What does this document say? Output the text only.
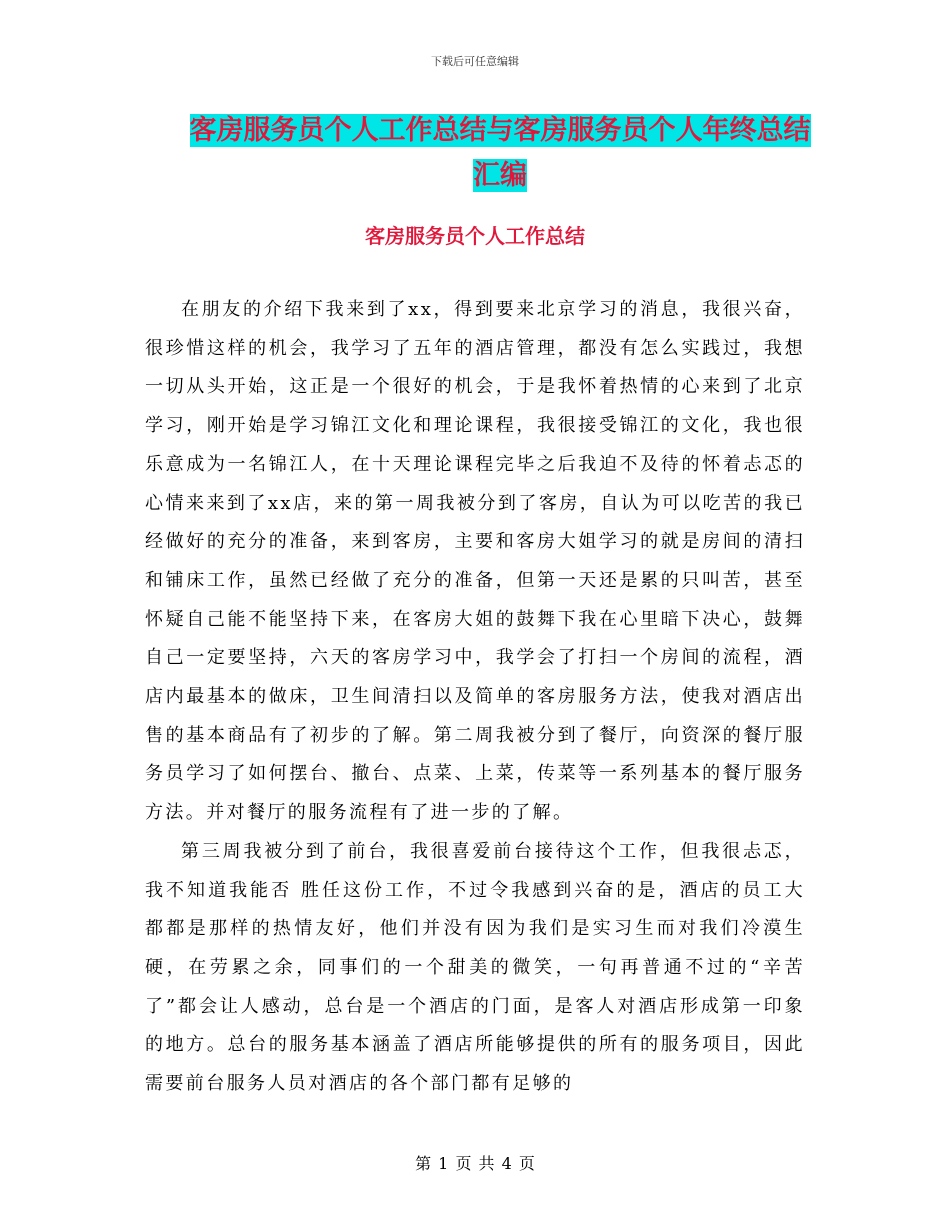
下载后可任意编辑
客房服务员个人工作总结与客房服务员个人年终总结
汇编
客房服务员个人工作总结

在朋友的介绍下我来到了xx，得到要来北京学习的消息，我很兴奋，很珍惜这样的机会，我学习了五年的酒店管理，都没有怎么实践过，我想一切从头开始，这正是一个很好的机会，于是我怀着热情的心来到了北京学习，刚开始是学习锦江文化和理论课程，我很接受锦江的文化，我也很乐意成为一名锦江人，在十天理论课程完毕之后我迫不及待的怀着忐忑的心情来来到了xx店，来的第一周我被分到了客房，自认为可以吃苦的我已经做好的充分的准备，来到客房，主要和客房大姐学习的就是房间的清扫和铺床工作，虽然已经做了充分的准备，但第一天还是累的只叫苦，甚至怀疑自己能不能坚持下来，在客房大姐的鼓舞下我在心里暗下决心，鼓舞自己一定要坚持，六天的客房学习中，我学会了打扫一个房间的流程，酒店内最基本的做床，卫生间清扫以及简单的客房服务方法，使我对酒店出售的基本商品有了初步的了解。第二周我被分到了餐厅，向资深的餐厅服务员学习了如何摆台、撤台、点菜、上菜，传菜等一系列基本的餐厅服务方法。并对餐厅的服务流程有了进一步的了解。

第三周我被分到了前台，我很喜爱前台接待这个工作，但我很忐忑，我不知道我能否 胜任这份工作，不过令我感到兴奋的是，酒店的员工大都都是那样的热情友好，他们并没有因为我们是实习生而对我们冷漠生硬，在劳累之余，同事们的一个甜美的微笑，一句再普通不过的“辛苦了”都会让人感动，总台是一个酒店的门面，是客人对酒店形成第一印象的地方。总台的服务基本涵盖了酒店所能够提供的所有的服务项目，因此需要前台服务人员对酒店的各个部门都有足够的

第 1 页 共 4 页
